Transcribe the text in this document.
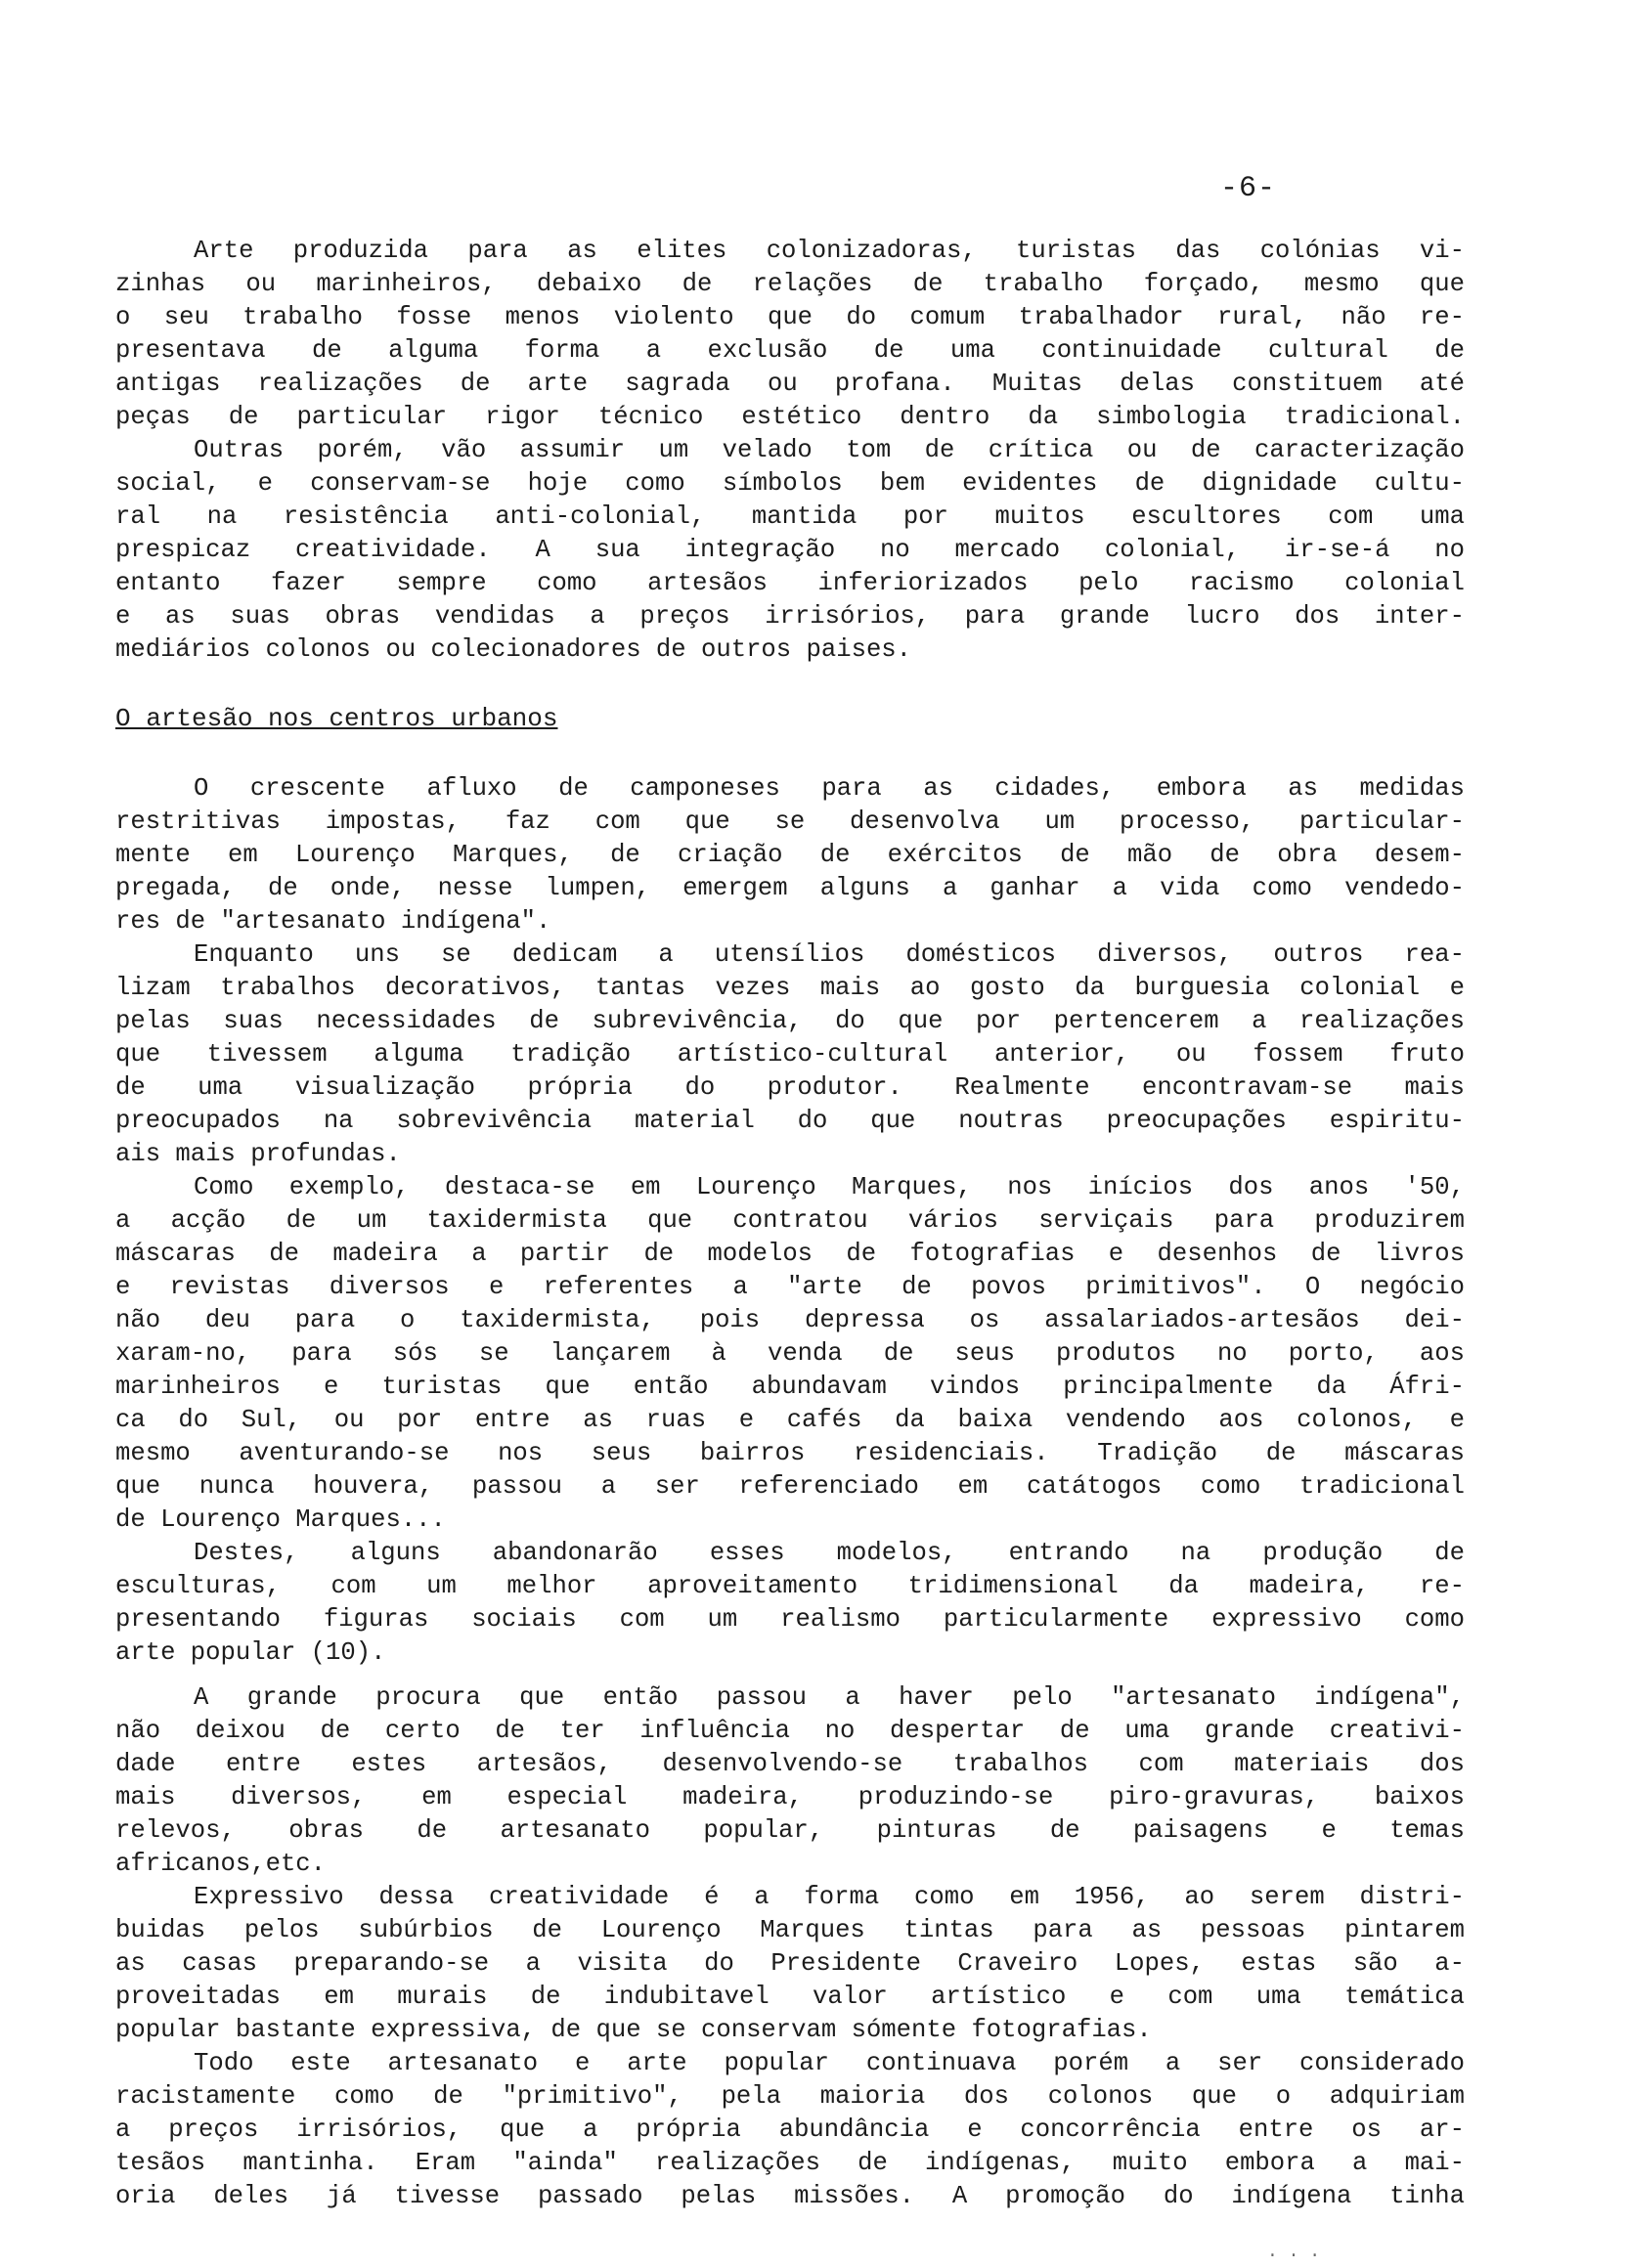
-6-
Arte produzida para as elites colonizadoras, turistas das colónias vi-
zinhas ou marinheiros, debaixo de relações de trabalho forçado, mesmo que
o seu trabalho fosse menos violento que do comum trabalhador rural, não re-
presentava de alguma forma a exclusão de uma continuidade cultural de
antigas realizações de arte sagrada ou profana. Muitas delas constituem até
peças de particular rigor técnico estético dentro da simbologia tradicional.
Outras porém, vão assumir um velado tom de crítica ou de caracterização
social, e conservam-se hoje como símbolos bem evidentes de dignidade cultu-
ral na resistência anti-colonial, mantida por muitos escultores com uma
prespicaz creatividade. A sua integração no mercado colonial, ir-se-á no
entanto fazer sempre como artesãos inferiorizados pelo racismo colonial
e as suas obras vendidas a preços irrisórios, para grande lucro dos inter-
mediários colonos ou colecionadores de outros paises.
O artesão nos centros urbanos
O crescente afluxo de camponeses para as cidades, embora as medidas
restritivas impostas, faz com que se desenvolva um processo, particular-
mente em Lourenço Marques, de criação de exércitos de mão de obra desem-
pregada, de onde, nesse lumpen, emergem alguns a ganhar a vida como vendedo-
res de "artesanato indígena".
Enquanto uns se dedicam a utensílios domésticos diversos, outros rea-
lizam trabalhos decorativos, tantas vezes mais ao gosto da burguesia colonial e
pelas suas necessidades de subrevivência, do que por pertencerem a realizações
que tivessem alguma tradição artístico-cultural anterior, ou fossem fruto
de uma visualização própria do produtor. Realmente encontravam-se mais
preocupados na sobrevivência material do que noutras preocupações espiritu-
ais mais profundas.
Como exemplo, destaca-se em Lourenço Marques, nos inícios dos anos '50,
a acção de um taxidermista que contratou vários serviçais para produzirem
máscaras de madeira a partir de modelos de fotografias e desenhos de livros
e revistas diversos e referentes a "arte de povos primitivos". O negócio
não deu para o taxidermista, pois depressa os assalariados-artesãos dei-
xaram-no, para sós se lançarem à venda de seus produtos no porto, aos
marinheiros e turistas que então abundavam vindos principalmente da Áfri-
ca do Sul, ou por entre as ruas e cafés da baixa vendendo aos colonos, e
mesmo aventurando-se nos seus bairros residenciais. Tradição de máscaras
que nunca houvera, passou a ser referenciado em catátogos como tradicional
de Lourenço Marques...
Destes, alguns abandonarão esses modelos, entrando na produção de
esculturas, com um melhor aproveitamento tridimensional da madeira, re-
presentando figuras sociais com um realismo particularmente expressivo como
arte popular (10).
A grande procura que então passou a haver pelo "artesanato indígena",
não deixou de certo de ter influência no despertar de uma grande creativi-
dade entre estes artesãos, desenvolvendo-se trabalhos com materiais dos
mais diversos, em especial madeira, produzindo-se piro-gravuras, baixos
relevos, obras de artesanato popular, pinturas de paisagens e temas
africanos,etc.
Expressivo dessa creatividade é a forma como em 1956, ao serem distri-
buidas pelos subúrbios de Lourenço Marques tintas para as pessoas pintarem
as casas preparando-se a visita do Presidente Craveiro Lopes, estas são a-
proveitadas em murais de indubitavel valor artístico e com uma temática
popular bastante expressiva, de que se conservam sómente fotografias.
Todo este artesanato e arte popular continuava porém a ser considerado
racistamente como de "primitivo", pela maioria dos colonos que o adquiriam
a preços irrisórios, que a própria abundância e concorrência entre os ar-
tesãos mantinha. Eram "ainda" realizações de indígenas, muito embora a mai-
oria deles já tivesse passado pelas missões. A promoção do indígena tinha
· · ·
